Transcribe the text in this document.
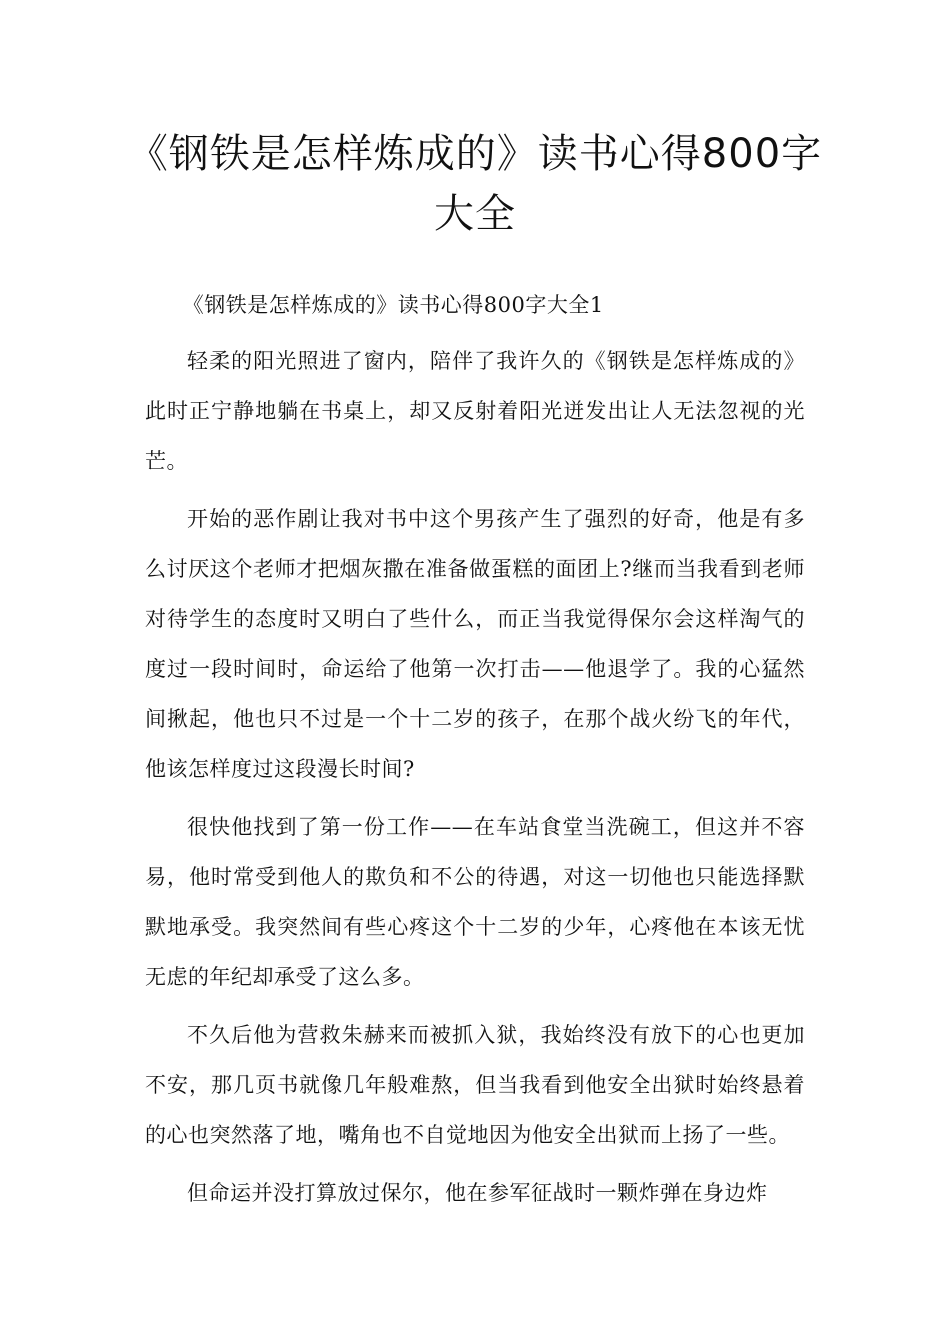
《钢铁是怎样炼成的》读书心得800字大全

《钢铁是怎样炼成的》读书心得800字大全1

轻柔的阳光照进了窗内，陪伴了我许久的《钢铁是怎样炼成的》此时正宁静地躺在书桌上，却又反射着阳光迸发出让人无法忽视的光芒。

开始的恶作剧让我对书中这个男孩产生了强烈的好奇，他是有多么讨厌这个老师才把烟灰撒在准备做蛋糕的面团上?继而当我看到老师对待学生的态度时又明白了些什么，而正当我觉得保尔会这样淘气的度过一段时间时，命运给了他第一次打击——他退学了。我的心猛然间揪起，他也只不过是一个十二岁的孩子，在那个战火纷飞的年代，他该怎样度过这段漫长时间?

很快他找到了第一份工作——在车站食堂当洗碗工，但这并不容易，他时常受到他人的欺负和不公的待遇，对这一切他也只能选择默默地承受。我突然间有些心疼这个十二岁的少年，心疼他在本该无忧无虑的年纪却承受了这么多。

不久后他为营救朱赫来而被抓入狱，我始终没有放下的心也更加不安，那几页书就像几年般难熬，但当我看到他安全出狱时始终悬着的心也突然落了地，嘴角也不自觉地因为他安全出狱而上扬了一些。

但命运并没打算放过保尔，他在参军征战时一颗炸弹在身边炸
